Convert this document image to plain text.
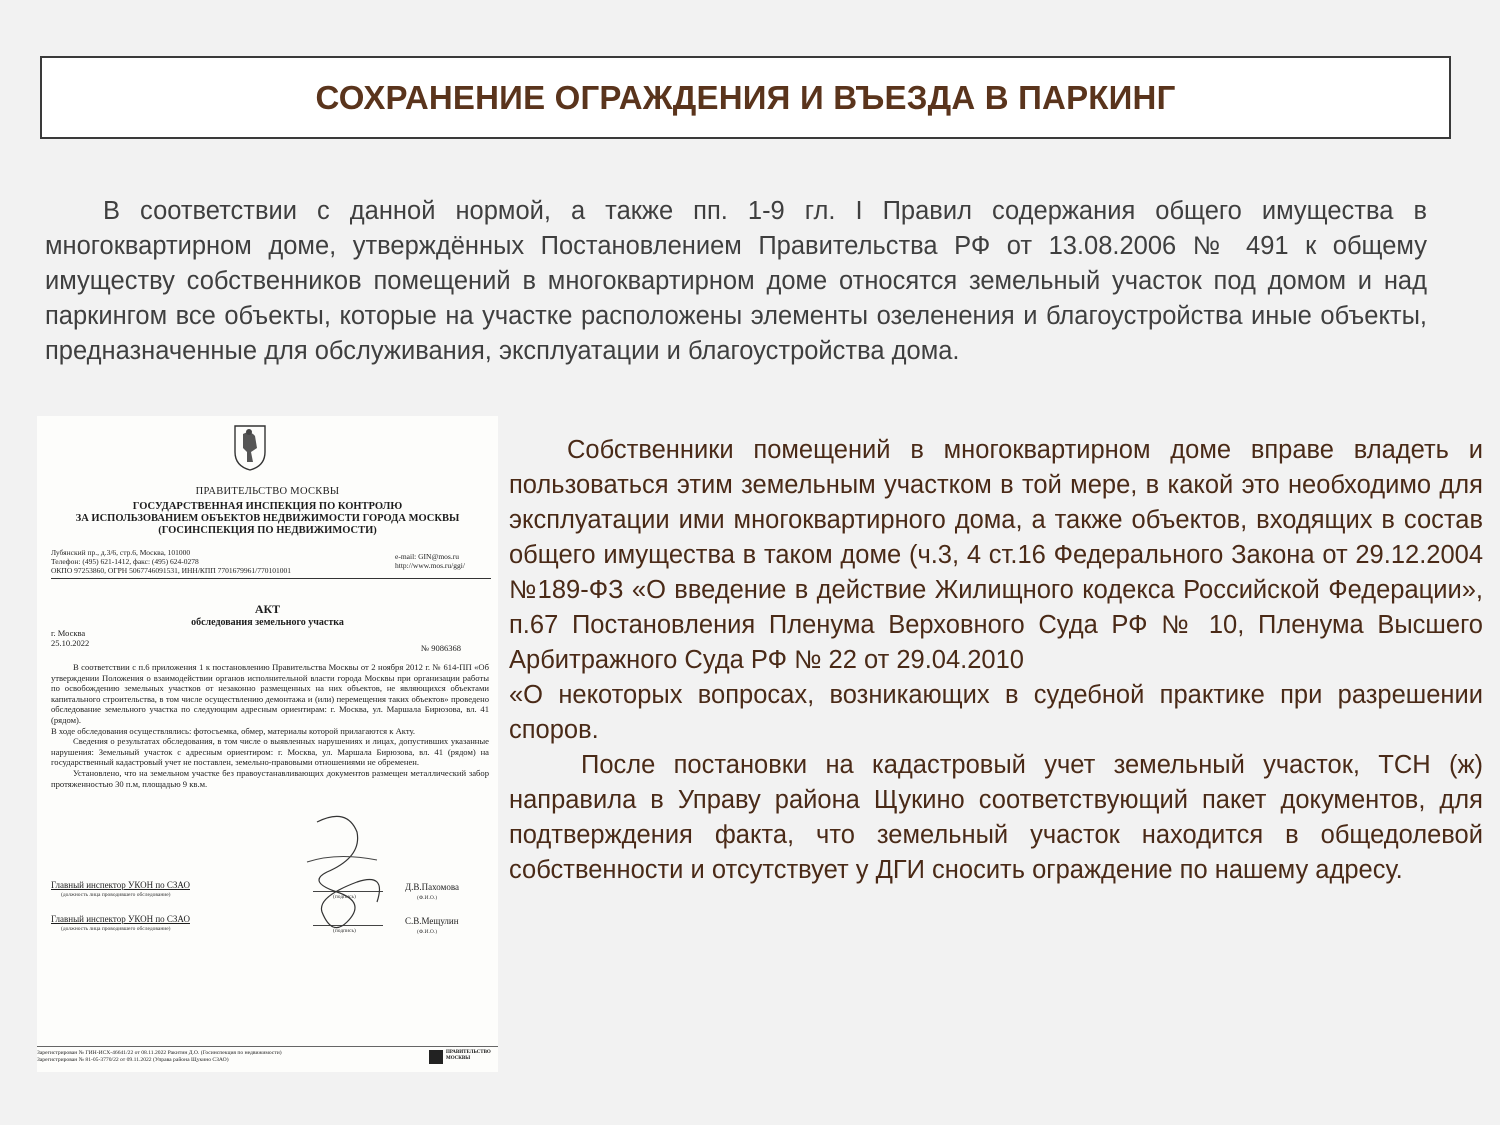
СОХРАНЕНИЕ ОГРАЖДЕНИЯ И ВЪЕЗДА В ПАРКИНГ

В соответствии с данной нормой, а также пп. 1-9 гл. I Правил содержания общего имущества в многоквартирном доме, утверждённых Постановлением Правительства РФ от 13.08.2006 № 491 к общему имуществу собственников помещений в многоквартирном доме относятся земельный участок под домом и над паркингом все объекты, которые на участке расположены элементы озеленения и благоустройства иные объекты, предназначенные для обслуживания, эксплуатации и благоустройства дома.

ПРАВИТЕЛЬСТВО МОСКВЫ
ГОСУДАРСТВЕННАЯ ИНСПЕКЦИЯ ПО КОНТРОЛЮ
ЗА ИСПОЛЬЗОВАНИЕМ ОБЪЕКТОВ НЕДВИЖИМОСТИ ГОРОДА МОСКВЫ
(ГОСИНСПЕКЦИЯ ПО НЕДВИЖИМОСТИ)
Лубянский пр., д.3/6, стр.6, Москва, 101000
Телефон: (495) 621-1412, факс: (495) 624-0278
ОКПО 97253860, ОГРН 5067746091531, ИНН/КПП 7701679961/770101001
e-mail: GIN@mos.ru
http://www.mos.ru/ggi/
АКТ
обследования земельного участка
г. Москва
25.10.2022	№ 9086368

В соответствии с п.6 приложения 1 к постановлению Правительства Москвы от 2 ноября 2012 г. № 614-ПП «Об утверждении Положения о взаимодействии органов исполнительной власти города Москвы при организации работы по освобождению земельных участков от незаконно размещенных на них объектов, не являющихся объектами капитального строительства, в том числе осуществлению демонтажа и (или) перемещения таких объектов» проведено обследование земельного участка по следующим адресным ориентирам: г. Москва, ул. Маршала Бирюзова, вл. 41 (рядом).

В ходе обследования осуществлялись: фотосъемка, обмер, материалы которой прилагаются к Акту.

Сведения о результатах обследования, в том числе о выявленных нарушениях и лицах, допустивших указанные нарушения: Земельный участок с адресным ориентиром: г. Москва, ул. Маршала Бирюзова, вл. 41 (рядом) на государственный кадастровый учет не поставлен, земельно-правовыми отношениями не обременен.

Установлено, что на земельном участке без правоустанавливающих документов размещен металлический забор протяженностью 30 п.м, площадью 9 кв.м.

Главный инспектор УКОН по СЗАО
(должность лица проводившего обследование)	(подпись)
Д.В.Пахомова
(Ф.И.О.)
Главный инспектор УКОН по СЗАО
(должность лица проводившего обследование)	(подпись)
С.В.Мещулин
(Ф.И.О.)
Зарегистрирован № ГИН-ИСХ-46641/22 от 08.11.2022 Ракитин Д.О. (Госинспекция по недвижимости)
Зарегистрирован № 81-05-3770/22 от 09.11.2022 (Управа района Щукино СЗАО)
ПРАВИТЕЛЬСТВО
МОСКВЫ

Собственники помещений в многоквартирном доме вправе владеть и пользоваться этим земельным участком в той мере, в какой это необходимо для эксплуатации ими многоквартирного дома, а также объектов, входящих в состав общего имущества в таком доме (ч.3, 4 ст.16 Федерального Закона от 29.12.2004 №189-ФЗ «О введение в действие Жилищного кодекса Российской Федерации», п.67 Постановления Пленума Верховного Суда РФ № 10, Пленума Высшего Арбитражного Суда РФ № 22 от 29.04.2010

«О некоторых вопросах, возникающих в судебной практике при разрешении споров.

После постановки на кадастровый учет земельный участок, ТСН (ж) направила в Управу района Щукино соответствующий пакет документов, для подтверждения факта, что земельный участок находится в общедолевой собственности и отсутствует у ДГИ сносить ограждение по нашему адресу.
